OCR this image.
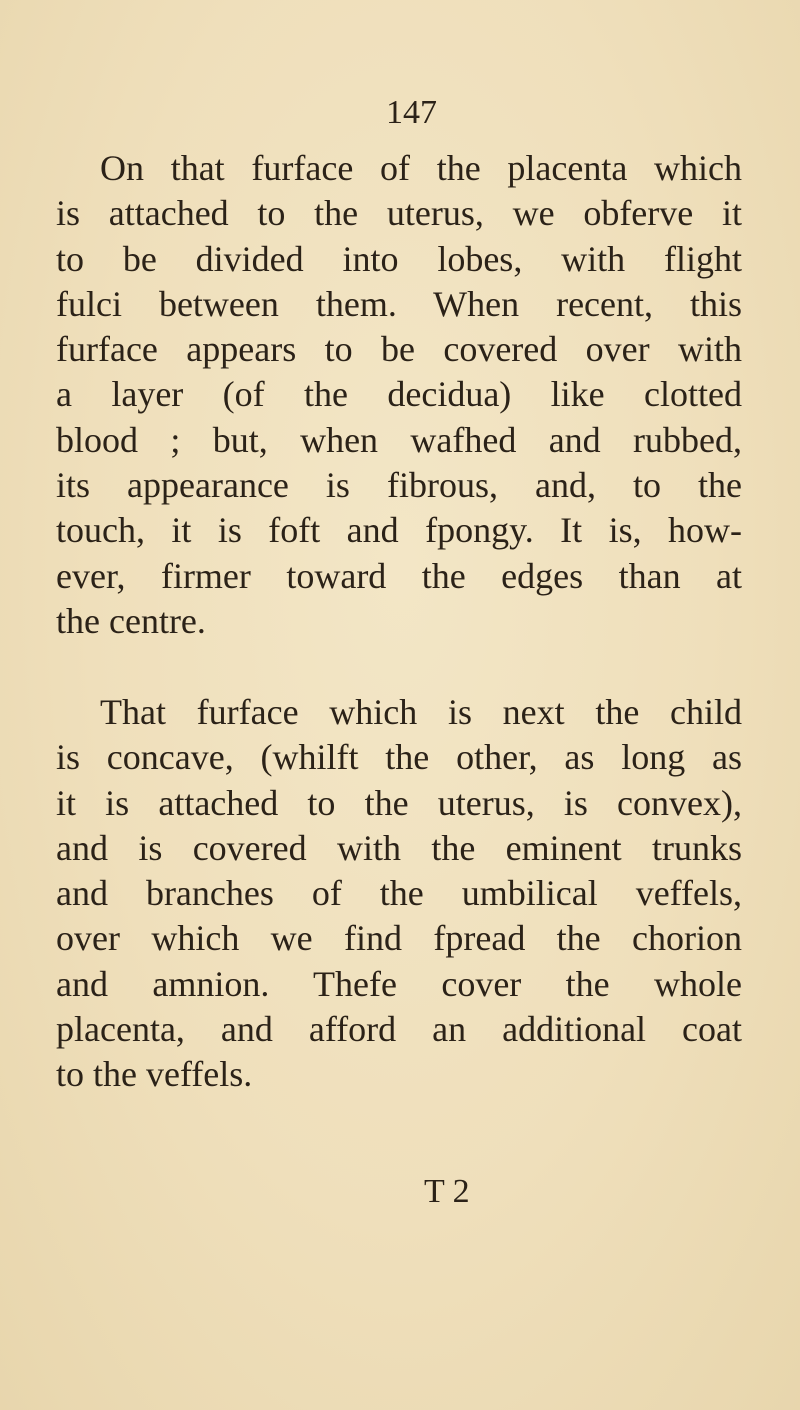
147
On that furface of the placenta which
is attached to the uterus, we obferve it
to be divided into lobes, with flight
fulci between them. When recent, this
furface appears to be covered over with
a layer (of the decidua) like clotted
blood ; but, when wafhed and rubbed,
its appearance is fibrous, and, to the
touch, it is foft and fpongy. It is, how-
ever, firmer toward the edges than at
the centre.
That furface which is next the child
is concave, (whilft the other, as long as
it is attached to the uterus, is convex),
and is covered with the eminent trunks
and branches of the umbilical veffels,
over which we find fpread the chorion
and amnion. Thefe cover the whole
placenta, and afford an additional coat
to the veffels.
T 2
